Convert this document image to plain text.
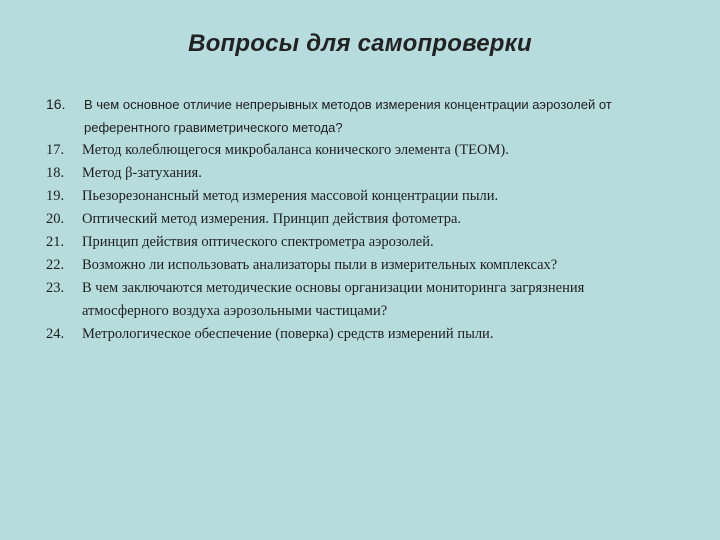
Вопросы для самопроверки
16.	В чем основное отличие непрерывных методов измерения концентрации аэрозолей от референтного гравиметрического метода?
17.	Метод колеблющегося микробаланса конического элемента (TEOM).
18.	Метод β-затухания.
19.	Пьезорезонансный метод измерения массовой концентрации пыли.
20.	Оптический метод измерения. Принцип действия фотометра.
21.	Принцип действия оптического спектрометра аэрозолей.
22.	Возможно ли использовать анализаторы пыли в измерительных комплексах?
23.	В чем заключаются методические основы организации мониторинга загрязнения атмосферного воздуха аэрозольными частицами?
24.	Метрологическое обеспечение (поверка) средств измерений пыли.
